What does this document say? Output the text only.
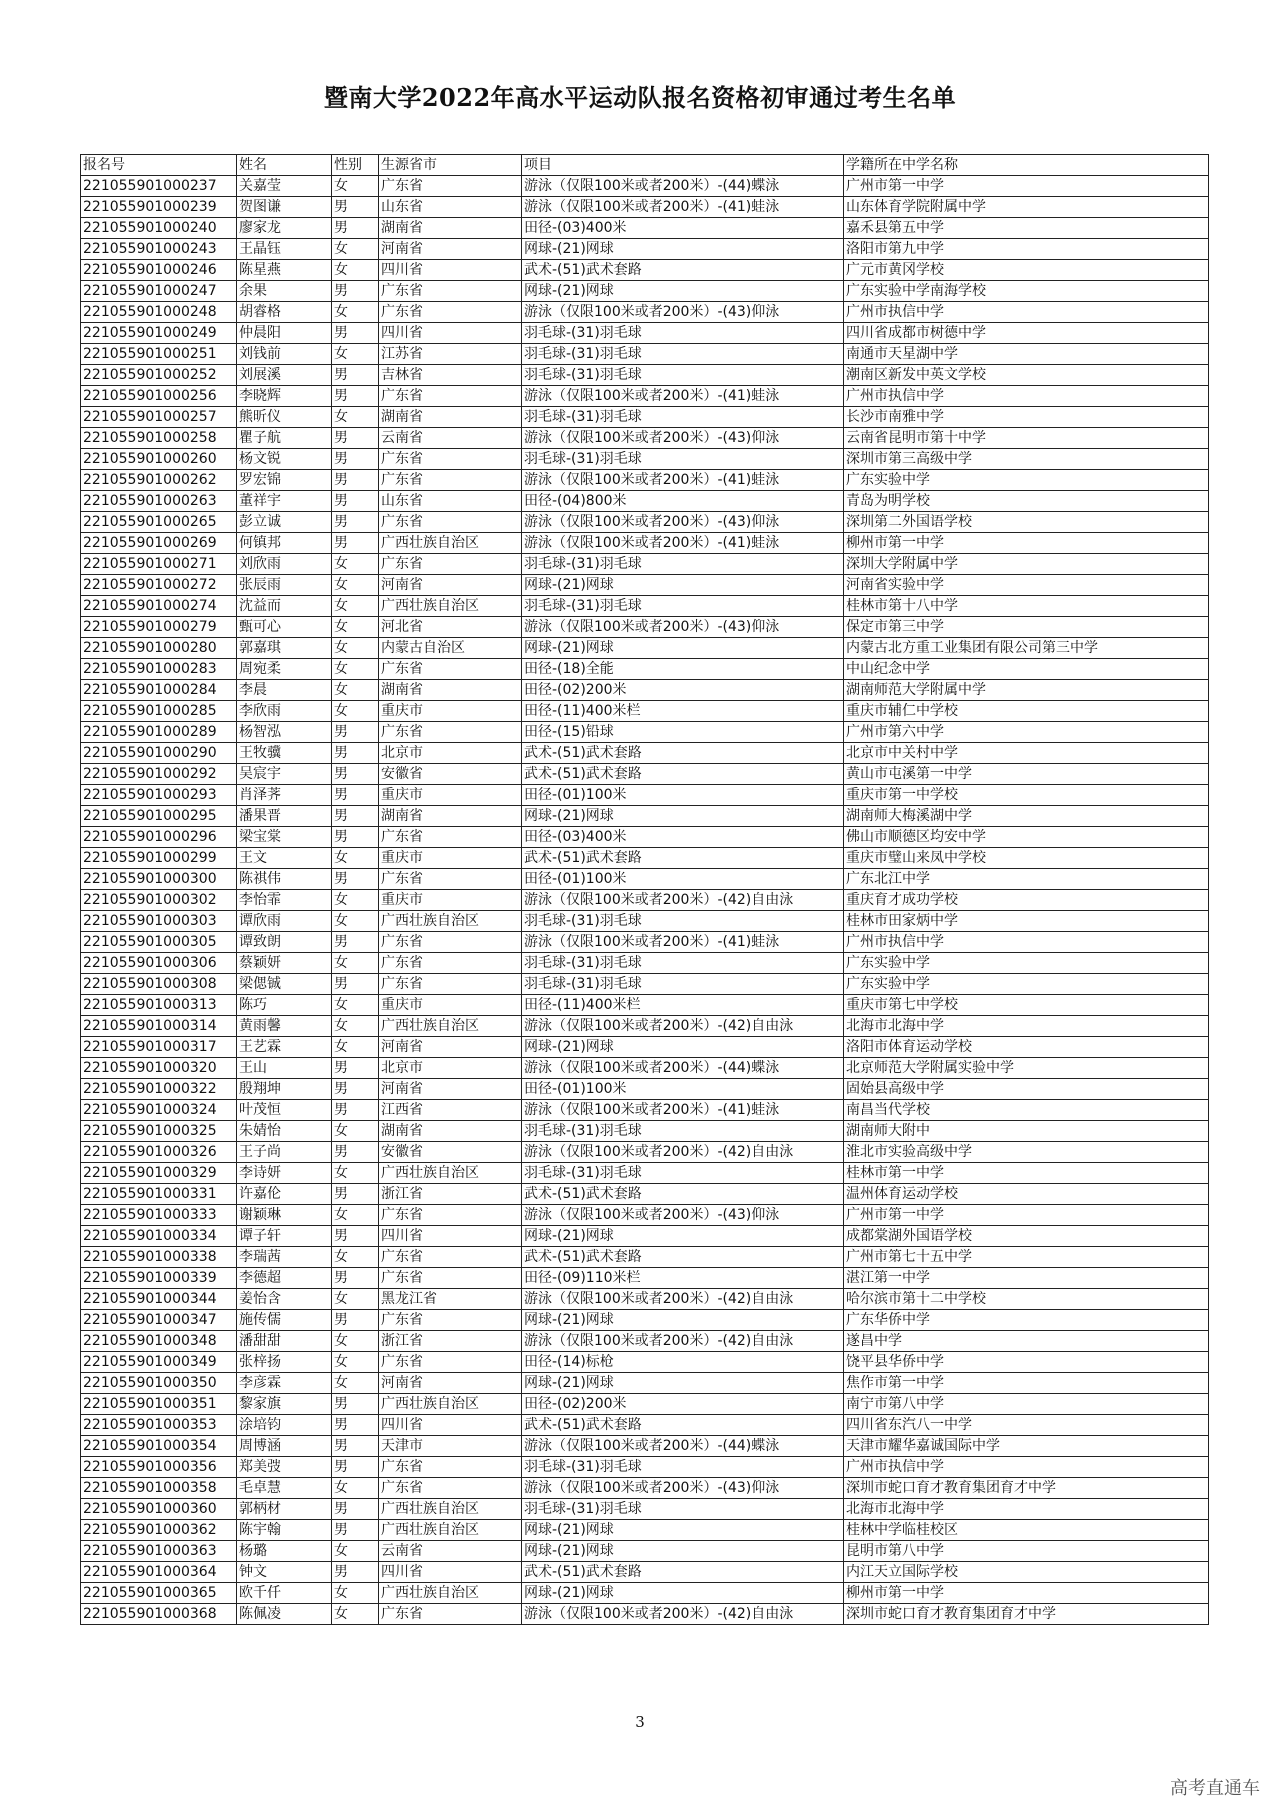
暨南大学2022年高水平运动队报名资格初审通过考生名单
报名号	姓名	性别	生源省市	项目	学籍所在中学名称
221055901000237	关嘉莹	女	广东省	游泳（仅限100米或者200米）-(44)蝶泳	广州市第一中学
221055901000239	贺图谦	男	山东省	游泳（仅限100米或者200米）-(41)蛙泳	山东体育学院附属中学
221055901000240	廖家龙	男	湖南省	田径-(03)400米	嘉禾县第五中学
221055901000243	王晶钰	女	河南省	网球-(21)网球	洛阳市第九中学
221055901000246	陈星燕	女	四川省	武术-(51)武术套路	广元市黄冈学校
221055901000247	余果	男	广东省	网球-(21)网球	广东实验中学南海学校
221055901000248	胡睿格	女	广东省	游泳（仅限100米或者200米）-(43)仰泳	广州市执信中学
221055901000249	仲晨阳	男	四川省	羽毛球-(31)羽毛球	四川省成都市树德中学
221055901000251	刘钱前	女	江苏省	羽毛球-(31)羽毛球	南通市天星湖中学
221055901000252	刘展溪	男	吉林省	羽毛球-(31)羽毛球	潮南区新发中英文学校
221055901000256	李晓辉	男	广东省	游泳（仅限100米或者200米）-(41)蛙泳	广州市执信中学
221055901000257	熊昕仪	女	湖南省	羽毛球-(31)羽毛球	长沙市南雅中学
221055901000258	瞿子航	男	云南省	游泳（仅限100米或者200米）-(43)仰泳	云南省昆明市第十中学
221055901000260	杨文锐	男	广东省	羽毛球-(31)羽毛球	深圳市第三高级中学
221055901000262	罗宏锦	男	广东省	游泳（仅限100米或者200米）-(41)蛙泳	广东实验中学
221055901000263	董祥宇	男	山东省	田径-(04)800米	青岛为明学校
221055901000265	彭立诚	男	广东省	游泳（仅限100米或者200米）-(43)仰泳	深圳第二外国语学校
221055901000269	何镇邦	男	广西壮族自治区	游泳（仅限100米或者200米）-(41)蛙泳	柳州市第一中学
221055901000271	刘欣雨	女	广东省	羽毛球-(31)羽毛球	深圳大学附属中学
221055901000272	张辰雨	女	河南省	网球-(21)网球	河南省实验中学
221055901000274	沈益而	女	广西壮族自治区	羽毛球-(31)羽毛球	桂林市第十八中学
221055901000279	甄可心	女	河北省	游泳（仅限100米或者200米）-(43)仰泳	保定市第三中学
221055901000280	郭嘉琪	女	内蒙古自治区	网球-(21)网球	内蒙古北方重工业集团有限公司第三中学
221055901000283	周宛柔	女	广东省	田径-(18)全能	中山纪念中学
221055901000284	李晨	女	湖南省	田径-(02)200米	湖南师范大学附属中学
221055901000285	李欣雨	女	重庆市	田径-(11)400米栏	重庆市辅仁中学校
221055901000289	杨智泓	男	广东省	田径-(15)铅球	广州市第六中学
221055901000290	王牧骥	男	北京市	武术-(51)武术套路	北京市中关村中学
221055901000292	吴宸宇	男	安徽省	武术-(51)武术套路	黄山市屯溪第一中学
221055901000293	肖泽荠	男	重庆市	田径-(01)100米	重庆市第一中学校
221055901000295	潘果晋	男	湖南省	网球-(21)网球	湖南师大梅溪湖中学
221055901000296	梁宝棠	男	广东省	田径-(03)400米	佛山市顺德区均安中学
221055901000299	王文	女	重庆市	武术-(51)武术套路	重庆市璧山来凤中学校
221055901000300	陈祺伟	男	广东省	田径-(01)100米	广东北江中学
221055901000302	李怡霏	女	重庆市	游泳（仅限100米或者200米）-(42)自由泳	重庆育才成功学校
221055901000303	谭欣雨	女	广西壮族自治区	羽毛球-(31)羽毛球	桂林市田家炳中学
221055901000305	谭致朗	男	广东省	游泳（仅限100米或者200米）-(41)蛙泳	广州市执信中学
221055901000306	蔡颖妍	女	广东省	羽毛球-(31)羽毛球	广东实验中学
221055901000308	梁偲铖	男	广东省	羽毛球-(31)羽毛球	广东实验中学
221055901000313	陈巧	女	重庆市	田径-(11)400米栏	重庆市第七中学校
221055901000314	黄雨馨	女	广西壮族自治区	游泳（仅限100米或者200米）-(42)自由泳	北海市北海中学
221055901000317	王艺霖	女	河南省	网球-(21)网球	洛阳市体育运动学校
221055901000320	王山	男	北京市	游泳（仅限100米或者200米）-(44)蝶泳	北京师范大学附属实验中学
221055901000322	殷翔坤	男	河南省	田径-(01)100米	固始县高级中学
221055901000324	叶茂恒	男	江西省	游泳（仅限100米或者200米）-(41)蛙泳	南昌当代学校
221055901000325	朱婧怡	女	湖南省	羽毛球-(31)羽毛球	湖南师大附中
221055901000326	王子尚	男	安徽省	游泳（仅限100米或者200米）-(42)自由泳	淮北市实验高级中学
221055901000329	李诗妍	女	广西壮族自治区	羽毛球-(31)羽毛球	桂林市第一中学
221055901000331	许嘉伦	男	浙江省	武术-(51)武术套路	温州体育运动学校
221055901000333	谢颖琳	女	广东省	游泳（仅限100米或者200米）-(43)仰泳	广州市第一中学
221055901000334	谭子轩	男	四川省	网球-(21)网球	成都棠湖外国语学校
221055901000338	李瑞茜	女	广东省	武术-(51)武术套路	广州市第七十五中学
221055901000339	李德超	男	广东省	田径-(09)110米栏	湛江第一中学
221055901000344	姜怡含	女	黑龙江省	游泳（仅限100米或者200米）-(42)自由泳	哈尔滨市第十二中学校
221055901000347	施传儒	男	广东省	网球-(21)网球	广东华侨中学
221055901000348	潘甜甜	女	浙江省	游泳（仅限100米或者200米）-(42)自由泳	遂昌中学
221055901000349	张梓扬	女	广东省	田径-(14)标枪	饶平县华侨中学
221055901000350	李彦霖	女	河南省	网球-(21)网球	焦作市第一中学
221055901000351	黎家旗	男	广西壮族自治区	田径-(02)200米	南宁市第八中学
221055901000353	涂培钧	男	四川省	武术-(51)武术套路	四川省东汽八一中学
221055901000354	周博涵	男	天津市	游泳（仅限100米或者200米）-(44)蝶泳	天津市耀华嘉诚国际中学
221055901000356	郑美弢	男	广东省	羽毛球-(31)羽毛球	广州市执信中学
221055901000358	毛卓慧	女	广东省	游泳（仅限100米或者200米）-(43)仰泳	深圳市蛇口育才教育集团育才中学
221055901000360	郭柄材	男	广西壮族自治区	羽毛球-(31)羽毛球	北海市北海中学
221055901000362	陈宇翰	男	广西壮族自治区	网球-(21)网球	桂林中学临桂校区
221055901000363	杨璐	女	云南省	网球-(21)网球	昆明市第八中学
221055901000364	钟文	男	四川省	武术-(51)武术套路	内江天立国际学校
221055901000365	欧千仟	女	广西壮族自治区	网球-(21)网球	柳州市第一中学
221055901000368	陈佩凌	女	广东省	游泳（仅限100米或者200米）-(42)自由泳	深圳市蛇口育才教育集团育才中学
3
高考直通车
